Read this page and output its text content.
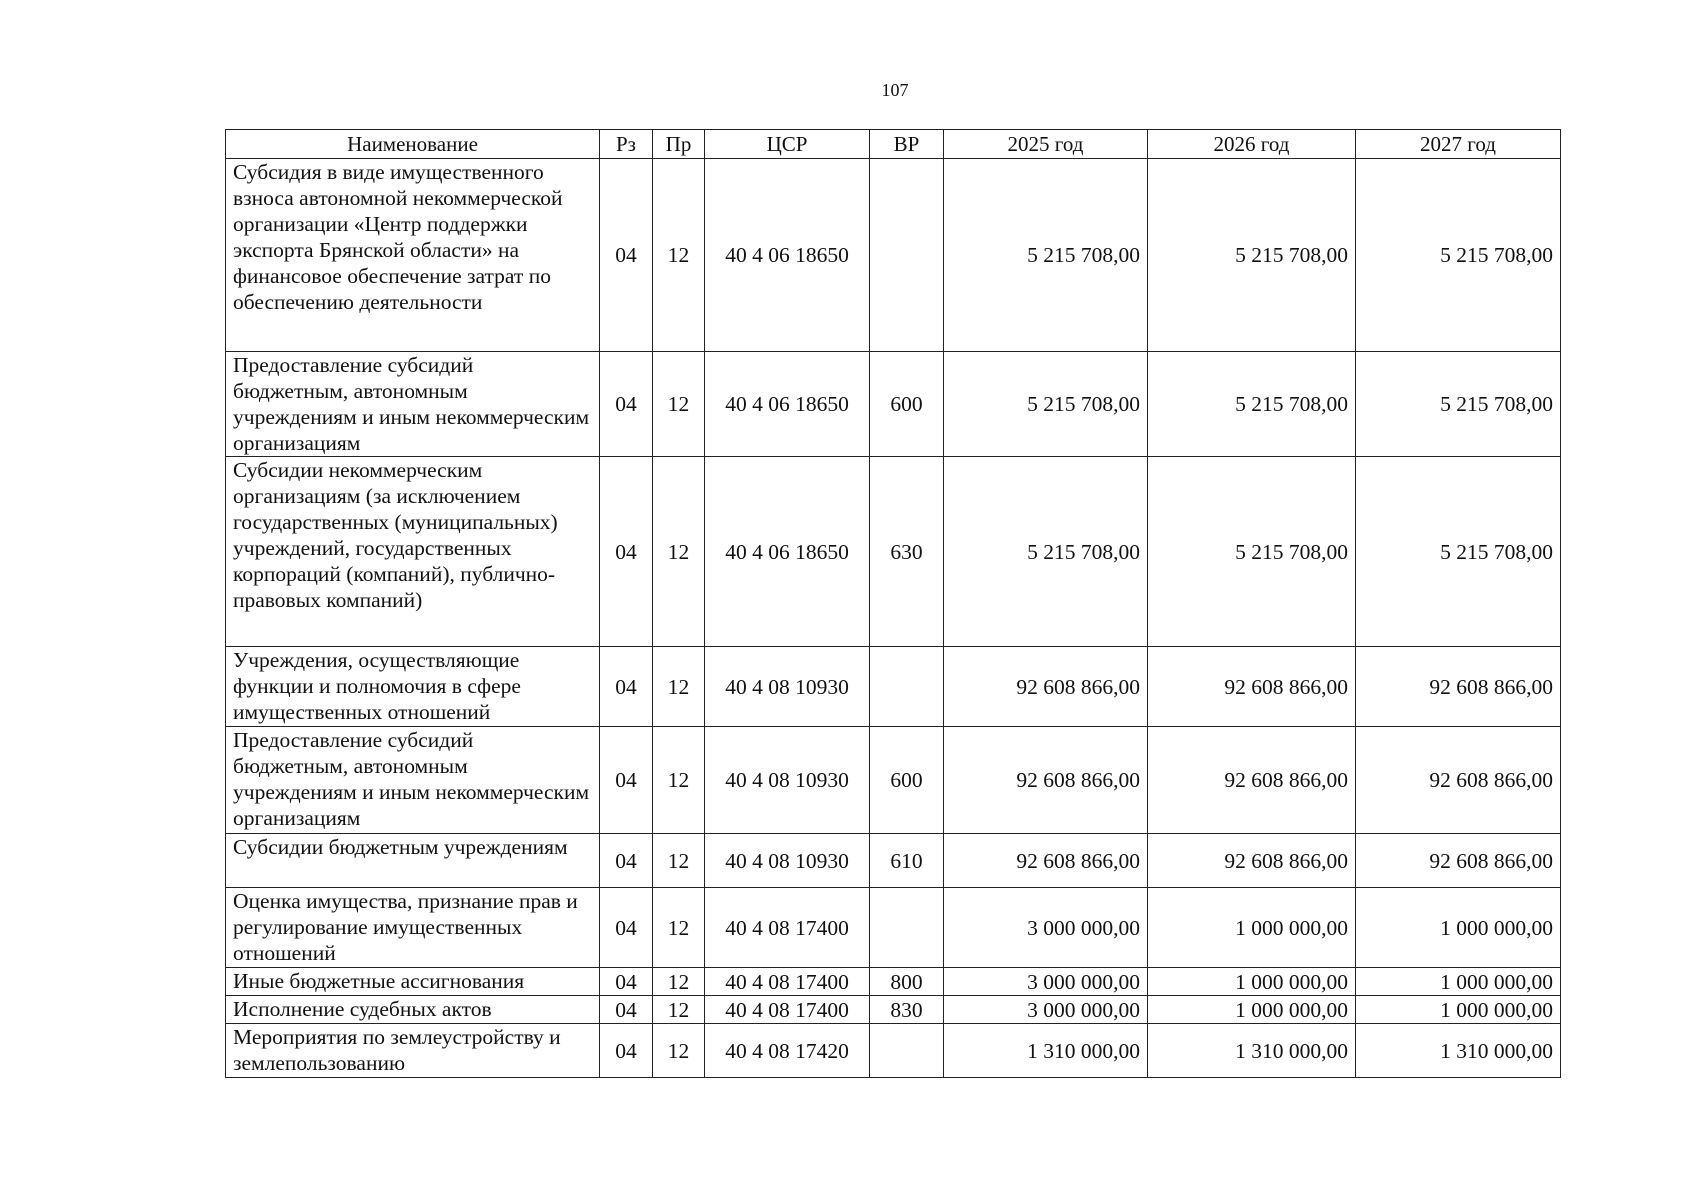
107
Наименование	Рз	Пр	ЦСР	ВР	2025 год	2026 год	2027 год
Субсидия в виде имущественного взноса автономной некоммерческой организации «Центр поддержки экспорта Брянской области» на финансовое обеспечение затрат по обеспечению деятельности	04	12	40 4 06 18650		5 215 708,00	5 215 708,00	5 215 708,00
Предоставление субсидий бюджетным, автономным учреждениям и иным некоммерческим организациям	04	12	40 4 06 18650	600	5 215 708,00	5 215 708,00	5 215 708,00
Субсидии некоммерческим организациям (за исключением государственных (муниципальных) учреждений, государственных корпораций (компаний), публично-правовых компаний)	04	12	40 4 06 18650	630	5 215 708,00	5 215 708,00	5 215 708,00
Учреждения, осуществляющие функции и полномочия в сфере имущественных отношений	04	12	40 4 08 10930		92 608 866,00	92 608 866,00	92 608 866,00
Предоставление субсидий бюджетным, автономным учреждениям и иным некоммерческим организациям	04	12	40 4 08 10930	600	92 608 866,00	92 608 866,00	92 608 866,00
Субсидии бюджетным учреждениям	04	12	40 4 08 10930	610	92 608 866,00	92 608 866,00	92 608 866,00
Оценка имущества, признание прав и регулирование имущественных отношений	04	12	40 4 08 17400		3 000 000,00	1 000 000,00	1 000 000,00
Иные бюджетные ассигнования	04	12	40 4 08 17400	800	3 000 000,00	1 000 000,00	1 000 000,00
Исполнение судебных актов	04	12	40 4 08 17400	830	3 000 000,00	1 000 000,00	1 000 000,00
Мероприятия по землеустройству и землепользованию	04	12	40 4 08 17420		1 310 000,00	1 310 000,00	1 310 000,00
